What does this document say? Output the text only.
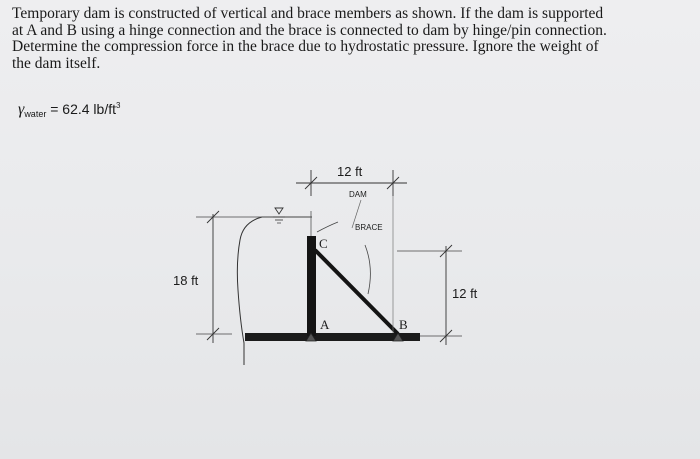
Temporary dam is constructed of vertical and brace members as shown. If the dam is supported
at A and B using a hinge connection and the brace is connected to dam by hinge/pin connection.
Determine the compression force in the brace due to hydrostatic pressure. Ignore the weight of
the dam itself.
$\gamma_{water} = 62.4$ $lb/ft^3$
12 ft
DAM
BRACE
18 ft
12 ft
C
A	B
